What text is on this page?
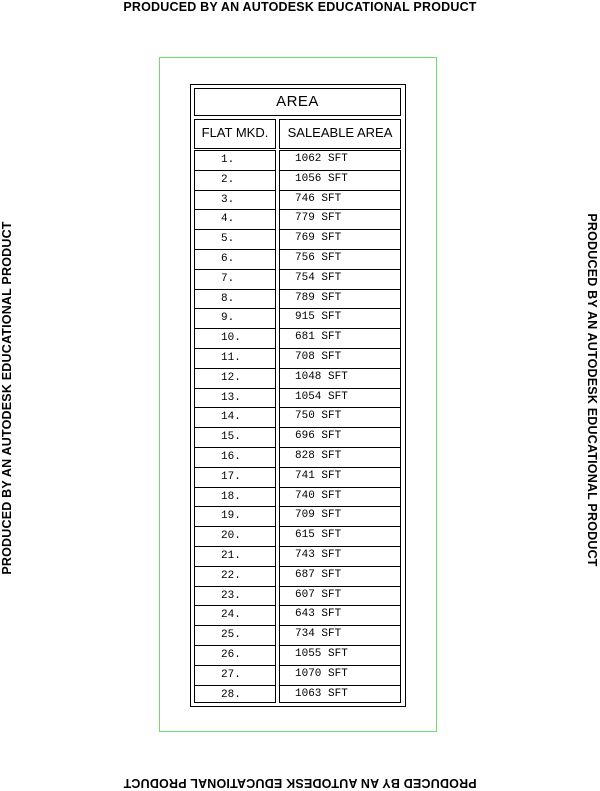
PRODUCED BY AN AUTODESK EDUCATIONAL PRODUCT
PRODUCED BY AN AUTODESK EDUCATIONAL PRODUCT
PRODUCED BY AN AUTODESK EDUCATIONAL PRODUCT	PRODUCED BY AN AUTODESK EDUCATIONAL PRODUCT
AREA
FLAT MKD.	SALEABLE AREA
1.	1062 SFT
2.	1056 SFT
3.	746 SFT
4.	779 SFT
5.	769 SFT
6.	756 SFT
7.	754 SFT
8.	789 SFT
9.	915 SFT
10.	681 SFT
11.	708 SFT
12.	1048 SFT
13.	1054 SFT
14.	750 SFT
15.	696 SFT
16.	828 SFT
17.	741 SFT
18.	740 SFT
19.	709 SFT
20.	615 SFT
21.	743 SFT
22.	687 SFT
23.	607 SFT
24.	643 SFT
25.	734 SFT
26.	1055 SFT
27.	1070 SFT
28.	1063 SFT
